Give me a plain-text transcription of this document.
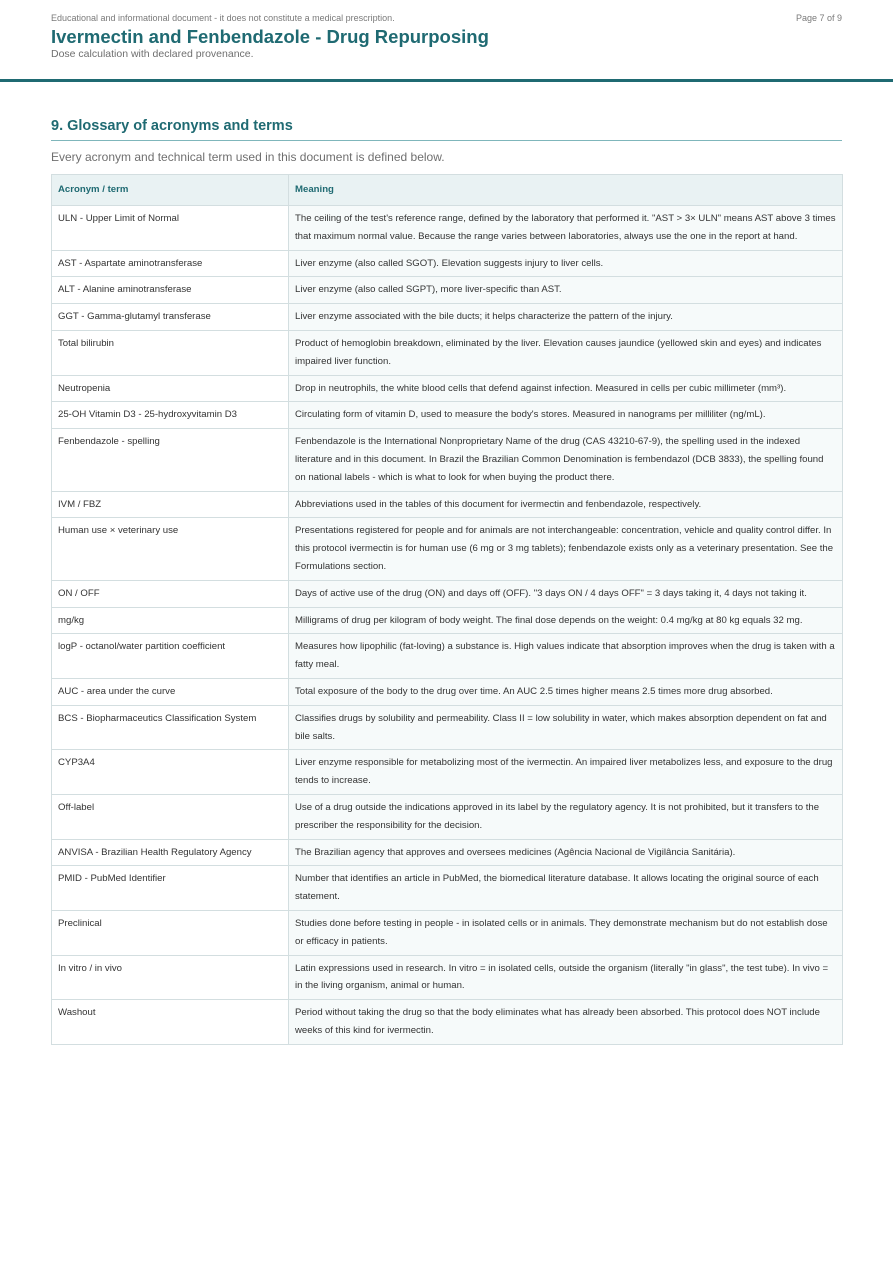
Educational and informational document - it does not constitute a medical prescription.	Page 7 of 9
Ivermectin and Fenbendazole - Drug Repurposing
Dose calculation with declared provenance.
9. Glossary of acronyms and terms
Every acronym and technical term used in this document is defined below.
Acronym / term	Meaning
ULN - Upper Limit of Normal	The ceiling of the test's reference range, defined by the laboratory that performed it. "AST > 3× ULN" means AST above 3 times that maximum normal value. Because the range varies between laboratories, always use the one in the report at hand.
AST - Aspartate aminotransferase	Liver enzyme (also called SGOT). Elevation suggests injury to liver cells.
ALT - Alanine aminotransferase	Liver enzyme (also called SGPT), more liver-specific than AST.
GGT - Gamma-glutamyl transferase	Liver enzyme associated with the bile ducts; it helps characterize the pattern of the injury.
Total bilirubin	Product of hemoglobin breakdown, eliminated by the liver. Elevation causes jaundice (yellowed skin and eyes) and indicates impaired liver function.
Neutropenia	Drop in neutrophils, the white blood cells that defend against infection. Measured in cells per cubic millimeter (mm³).
25-OH Vitamin D3 - 25-hydroxyvitamin D3	Circulating form of vitamin D, used to measure the body's stores. Measured in nanograms per milliliter (ng/mL).
Fenbendazole - spelling	Fenbendazole is the International Nonproprietary Name of the drug (CAS 43210-67-9), the spelling used in the indexed literature and in this document. In Brazil the Brazilian Common Denomination is fembendazol (DCB 3833), the spelling found on national labels - which is what to look for when buying the product there.
IVM / FBZ	Abbreviations used in the tables of this document for ivermectin and fenbendazole, respectively.
Human use × veterinary use	Presentations registered for people and for animals are not interchangeable: concentration, vehicle and quality control differ. In this protocol ivermectin is for human use (6 mg or 3 mg tablets); fenbendazole exists only as a veterinary presentation. See the Formulations section.
ON / OFF	Days of active use of the drug (ON) and days off (OFF). "3 days ON / 4 days OFF" = 3 days taking it, 4 days not taking it.
mg/kg	Milligrams of drug per kilogram of body weight. The final dose depends on the weight: 0.4 mg/kg at 80 kg equals 32 mg.
logP - octanol/water partition coefficient	Measures how lipophilic (fat-loving) a substance is. High values indicate that absorption improves when the drug is taken with a fatty meal.
AUC - area under the curve	Total exposure of the body to the drug over time. An AUC 2.5 times higher means 2.5 times more drug absorbed.
BCS - Biopharmaceutics Classification System	Classifies drugs by solubility and permeability. Class II = low solubility in water, which makes absorption dependent on fat and bile salts.
CYP3A4	Liver enzyme responsible for metabolizing most of the ivermectin. An impaired liver metabolizes less, and exposure to the drug tends to increase.
Off-label	Use of a drug outside the indications approved in its label by the regulatory agency. It is not prohibited, but it transfers to the prescriber the responsibility for the decision.
ANVISA - Brazilian Health Regulatory Agency	The Brazilian agency that approves and oversees medicines (Agência Nacional de Vigilância Sanitária).
PMID - PubMed Identifier	Number that identifies an article in PubMed, the biomedical literature database. It allows locating the original source of each statement.
Preclinical	Studies done before testing in people - in isolated cells or in animals. They demonstrate mechanism but do not establish dose or efficacy in patients.
In vitro / in vivo	Latin expressions used in research. In vitro = in isolated cells, outside the organism (literally "in glass", the test tube). In vivo = in the living organism, animal or human.
Washout	Period without taking the drug so that the body eliminates what has already been absorbed. This protocol does NOT include weeks of this kind for ivermectin.
